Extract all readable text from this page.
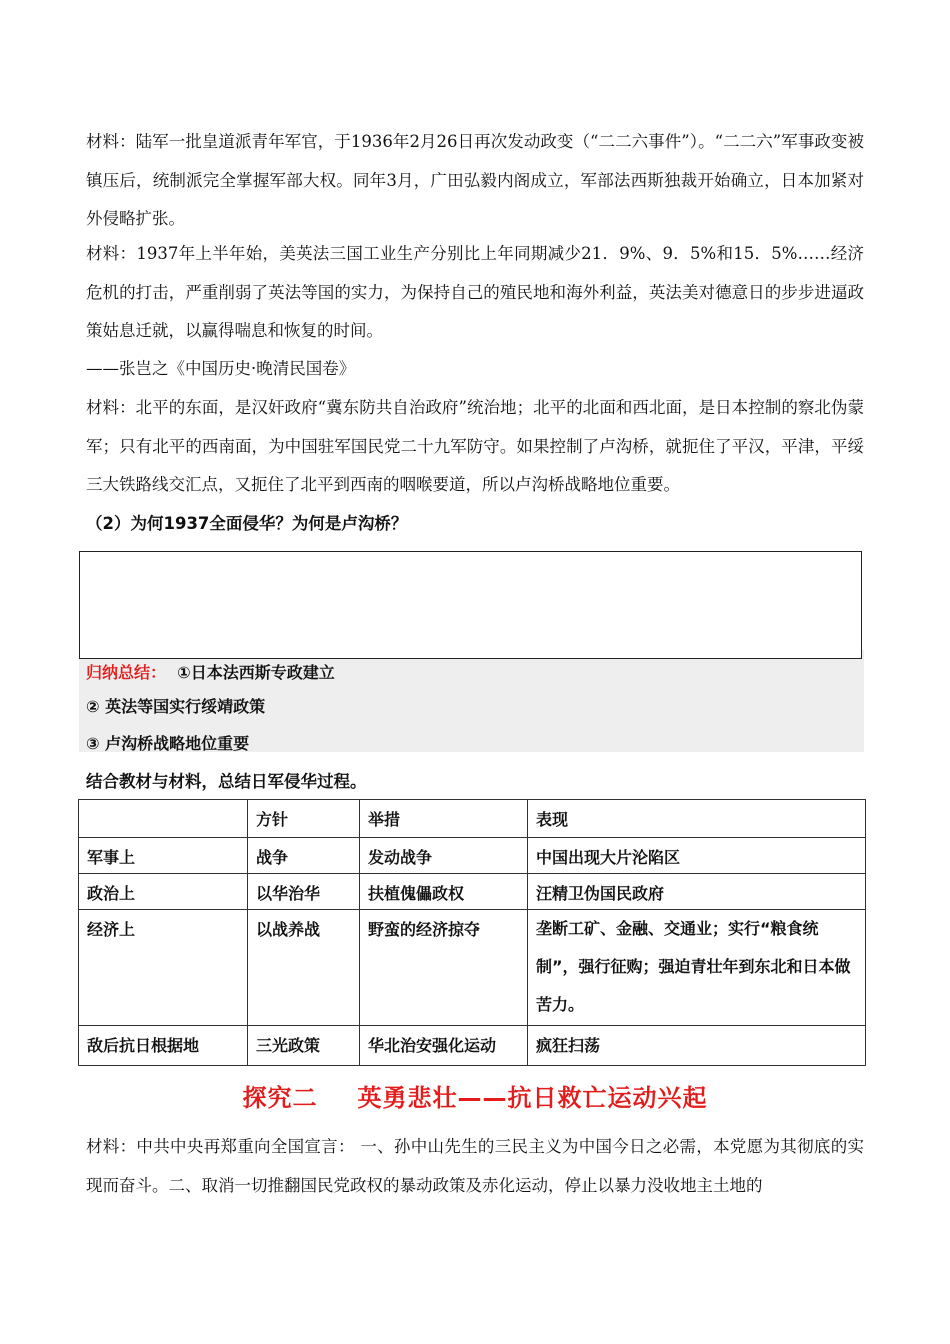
材料：陆军一批皇道派青年军官，于1936年2月26日再次发动政变（“二二六事件”）。“二二六”军事政变被镇压后，统制派完全掌握军部大权。同年3月，广田弘毅内阁成立，军部法西斯独裁开始确立，日本加紧对外侵略扩张。

材料：1937年上半年始，美英法三国工业生产分别比上年同期减少21．9%、9．5%和15．5%……经济危机的打击，严重削弱了英法等国的实力，为保持自己的殖民地和海外利益，英法美对德意日的步步进逼政策姑息迁就，以赢得喘息和恢复的时间。

——张岂之《中国历史·晚清民国卷》

材料：北平的东面，是汉奸政府“冀东防共自治政府”统治地；北平的北面和西北面，是日本控制的察北伪蒙军；只有北平的西南面，为中国驻军国民党二十九军防守。如果控制了卢沟桥，就扼住了平汉，平津，平绥三大铁路线交汇点，又扼住了北平到西南的咽喉要道，所以卢沟桥战略地位重要。

（2）为何1937全面侵华？为何是卢沟桥？
归纳总结： ①日本法西斯专政建立
② 英法等国实行绥靖政策
③ 卢沟桥战略地位重要
结合教材与材料，总结日军侵华过程。
	方针	举措	表现
军事上	战争	发动战争	中国出现大片沦陷区
政治上	以华治华	扶植傀儡政权	汪精卫伪国民政府
经济上	以战养战	野蛮的经济掠夺	垄断工矿、金融、交通业；实行“粮食统制”，强行征购；强迫青壮年到东北和日本做苦力。
敌后抗日根据地	三光政策	华北治安强化运动	疯狂扫荡
探究二 英勇悲壮——抗日救亡运动兴起

材料：中共中央再郑重向全国宣言： 一、孙中山先生的三民主义为中国今日之必需，本党愿为其彻底的实现而奋斗。二、取消一切推翻国民党政权的暴动政策及赤化运动，停止以暴力没收地主土地的
